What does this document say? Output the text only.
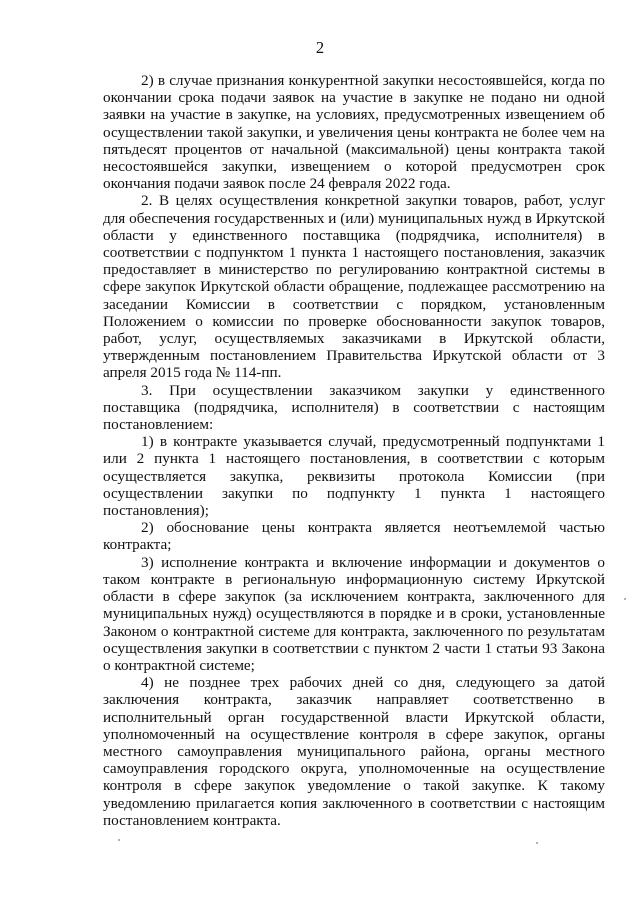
2

2) в случае признания конкурентной закупки несостоявшейся, когда по окончании срока подачи заявок на участие в закупке не подано ни одной заявки на участие в закупке, на условиях, предусмотренных извещением об осуществлении такой закупки, и увеличения цены контракта не более чем на пятьдесят процентов от начальной (максимальной) цены контракта такой несостоявшейся закупки, извещением о которой предусмотрен срок окончания подачи заявок после 24 февраля 2022 года.

2. В целях осуществления конкретной закупки товаров, работ, услуг для обеспечения государственных и (или) муниципальных нужд в Иркутской области у единственного поставщика (подрядчика, исполнителя) в соответствии с подпунктом 1 пункта 1 настоящего постановления, заказчик предоставляет в министерство по регулированию контрактной системы в сфере закупок Иркутской области обращение, подлежащее рассмотрению на заседании Комиссии в соответствии с порядком, установленным Положением о комиссии по проверке обоснованности закупок товаров, работ, услуг, осуществляемых заказчиками в Иркутской области, утвержденным постановлением Правительства Иркутской области от 3 апреля 2015 года № 114-пп.

3. При осуществлении заказчиком закупки у единственного поставщика (подрядчика, исполнителя) в соответствии с настоящим постановлением:

1) в контракте указывается случай, предусмотренный подпунктами 1 или 2 пункта 1 настоящего постановления, в соответствии с которым осуществляется закупка, реквизиты протокола Комиссии (при осуществлении закупки по подпункту 1 пункта 1 настоящего постановления);

2) обоснование цены контракта является неотъемлемой частью контракта;

3) исполнение контракта и включение информации и документов о таком контракте в региональную информационную систему Иркутской области в сфере закупок (за исключением контракта, заключенного для муниципальных нужд) осуществляются в порядке и в сроки, установленные Законом о контрактной системе для контракта, заключенного по результатам осуществления закупки в соответствии с пунктом 2 части 1 статьи 93 Закона о контрактной системе;

4) не позднее трех рабочих дней со дня, следующего за датой заключения контракта, заказчик направляет соответственно в исполнительный орган государственной власти Иркутской области, уполномоченный на осуществление контроля в сфере закупок, органы местного самоуправления муниципального района, органы местного самоуправления городского округа, уполномоченные на осуществление контроля в сфере закупок уведомление о такой закупке. К такому уведомлению прилагается копия заключенного в соответствии с настоящим постановлением контракта.
